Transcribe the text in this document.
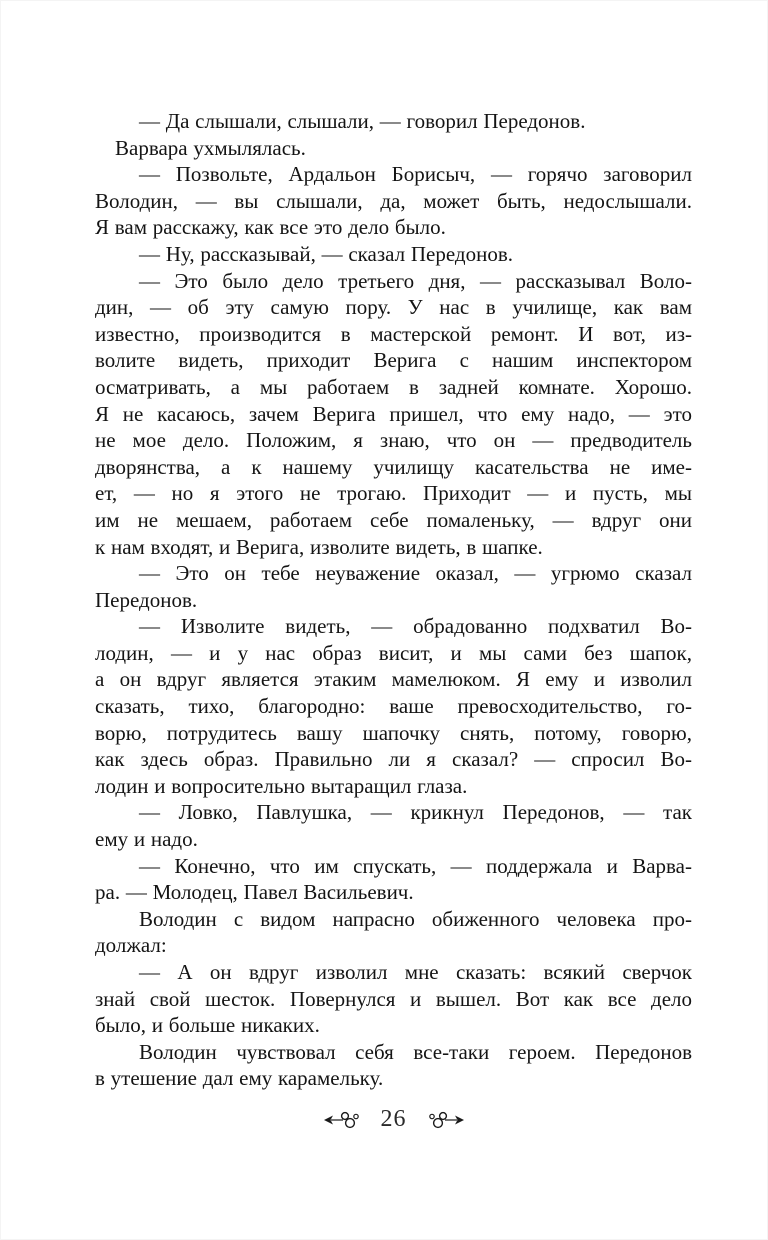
— Да слышали, слышали, — говорил Передонов.
Варвара ухмылялась.
— Позвольте, Ардальон Борисыч, — горячо заговорил
Володин, — вы слышали, да, может быть, недослышали.
Я вам расскажу, как все это дело было.
— Ну, рассказывай, — сказал Передонов.
— Это было дело третьего дня, — рассказывал Воло-
дин, — об эту самую пору. У нас в училище, как вам
известно, производится в мастерской ремонт. И вот, из-
волите видеть, приходит Верига с нашим инспектором
осматривать, а мы работаем в задней комнате. Хорошо.
Я не касаюсь, зачем Верига пришел, что ему надо, — это
не мое дело. Положим, я знаю, что он — предводитель
дворянства, а к нашему училищу касательства не име-
ет, — но я этого не трогаю. Приходит — и пусть, мы
им не мешаем, работаем себе помаленьку, — вдруг они
к нам входят, и Верига, изволите видеть, в шапке.
— Это он тебе неуважение оказал, — угрюмо сказал
Передонов.
— Изволите видеть, — обрадованно подхватил Во-
лодин, — и у нас образ висит, и мы сами без шапок,
а он вдруг является этаким мамелюком. Я ему и изволил
сказать, тихо, благородно: ваше превосходительство, го-
ворю, потрудитесь вашу шапочку снять, потому, говорю,
как здесь образ. Правильно ли я сказал? — спросил Во-
лодин и вопросительно вытаращил глаза.
— Ловко, Павлушка, — крикнул Передонов, — так
ему и надо.
— Конечно, что им спускать, — поддержала и Варва-
ра. — Молодец, Павел Васильевич.
Володин с видом напрасно обиженного человека про-
должал:
— А он вдруг изволил мне сказать: всякий сверчок
знай свой шесток. Повернулся и вышел. Вот как все дело
было, и больше никаких.
Володин чувствовал себя все-таки героем. Передонов
в утешение дал ему карамельку.
26
